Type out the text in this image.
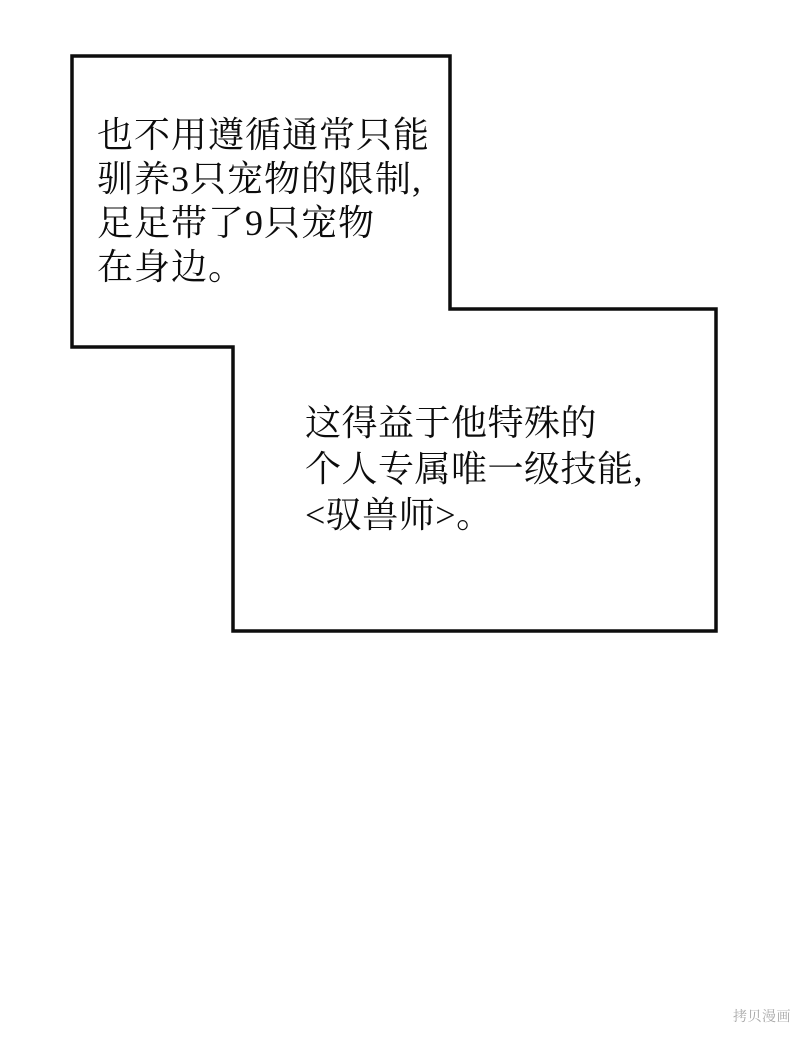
也不用遵循通常只能
驯养3只宠物的限制,
足足带了9只宠物
在身边。
这得益于他特殊的
个人专属唯一级技能,
<驭兽师>。
拷贝漫画
